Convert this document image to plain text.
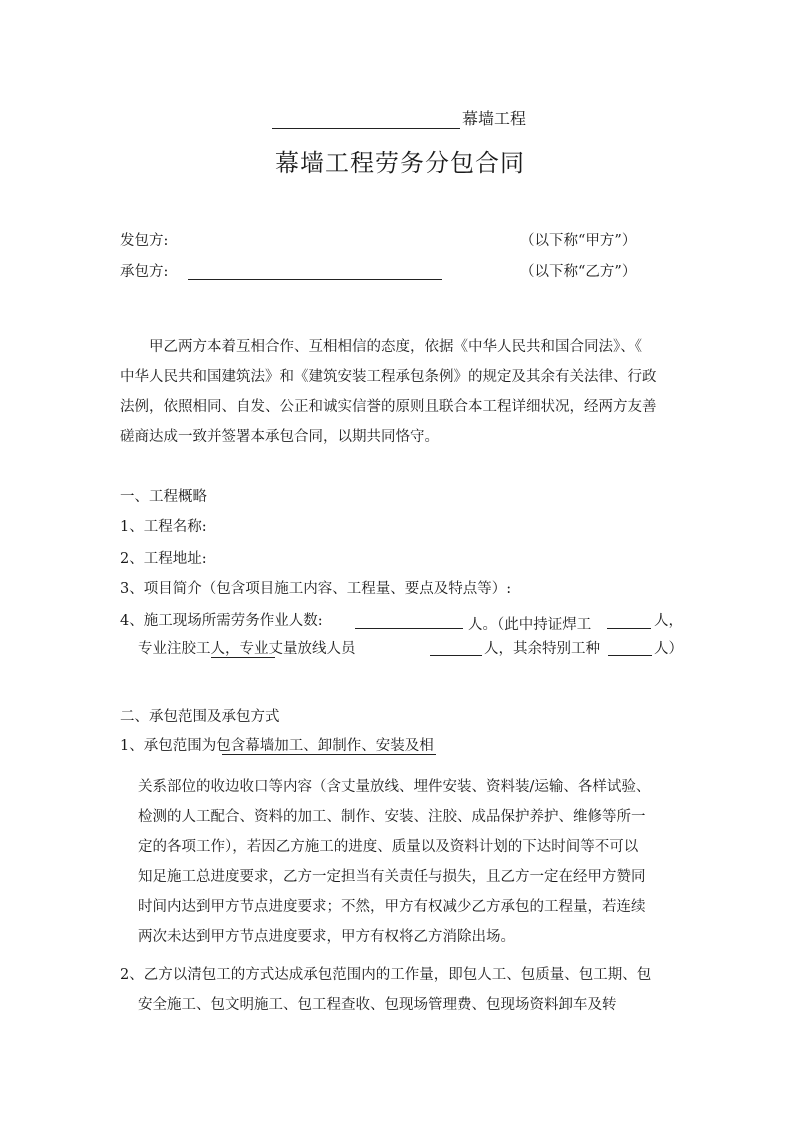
幕墙工程
幕墙工程劳务分包合同
发包方:	（以下称“甲方”）
承包方:	（以下称“乙方”）
甲乙两方本着互相合作、互相相信的态度，依据《中华人民共和国合同法》、《
中华人民共和国建筑法》和《建筑安装工程承包条例》的规定及其余有关法律、行政
法例，依照相同、自发、公正和诚实信誉的原则且联合本工程详细状况，经两方友善
磋商达成一致并签署本承包合同，以期共同恪守。
一、工程概略
1、工程名称:
2、工程地址:
3、项目简介（包含项目施工内容、工程量、要点及特点等）:
4、施工现场所需劳务作业人数:	人。（此中持证焊工	人，
专业注胶工人，专业丈量放线人员	人，其余特别工种	人）
二、承包范围及承包方式
1、承包范围为包含幕墙加工、卸制作、安装及相
关系部位的收边收口等内容（含丈量放线、埋件安装、资料装/运输、各样试验、
检测的人工配合、资料的加工、制作、安装、注胶、成品保护养护、维修等所一
定的各项工作），若因乙方施工的进度、质量以及资料计划的下达时间等不可以
知足施工总进度要求，乙方一定担当有关责任与损失，且乙方一定在经甲方赞同
时间内达到甲方节点进度要求；不然，甲方有权减少乙方承包的工程量，若连续
两次未达到甲方节点进度要求，甲方有权将乙方消除出场。
2、乙方以清包工的方式达成承包范围内的工作量，即包人工、包质量、包工期、包
安全施工、包文明施工、包工程查收、包现场管理费、包现场资料卸车及转
